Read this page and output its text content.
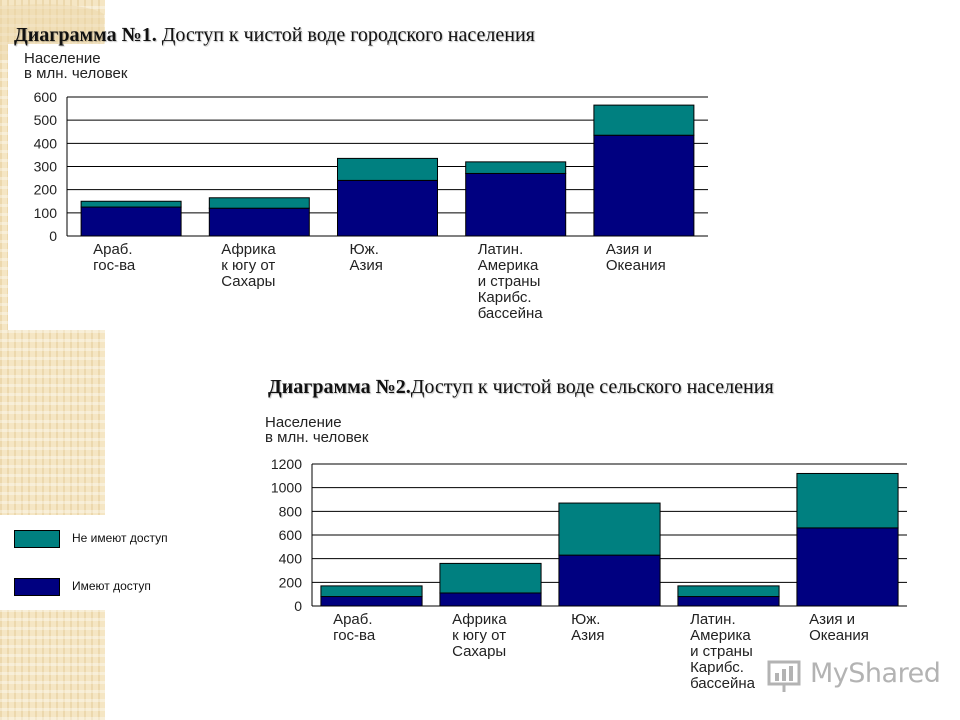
Диаграмма №1. Доступ к чистой воде городского населения
Диаграмма №2.Доступ к чистой воде сельского населения
Население
в млн. человек
0
100
200
300
400
500
600
Араб.
гос-ва
Африка
к югу от
Сахары
Юж.
Азия
Латин.
Америка
и страны
Карибс.
бассейна
Азия и
Океания
Население
в млн. человек
0
200
400
600
800
1000
1200
Араб.
гос-ва
Африка
к югу от
Сахары
Юж.
Азия
Латин.
Америка
и страны
Карибс.
бассейна
Азия и
Океания
Не имеют доступ
Имеют доступ
MyShared
